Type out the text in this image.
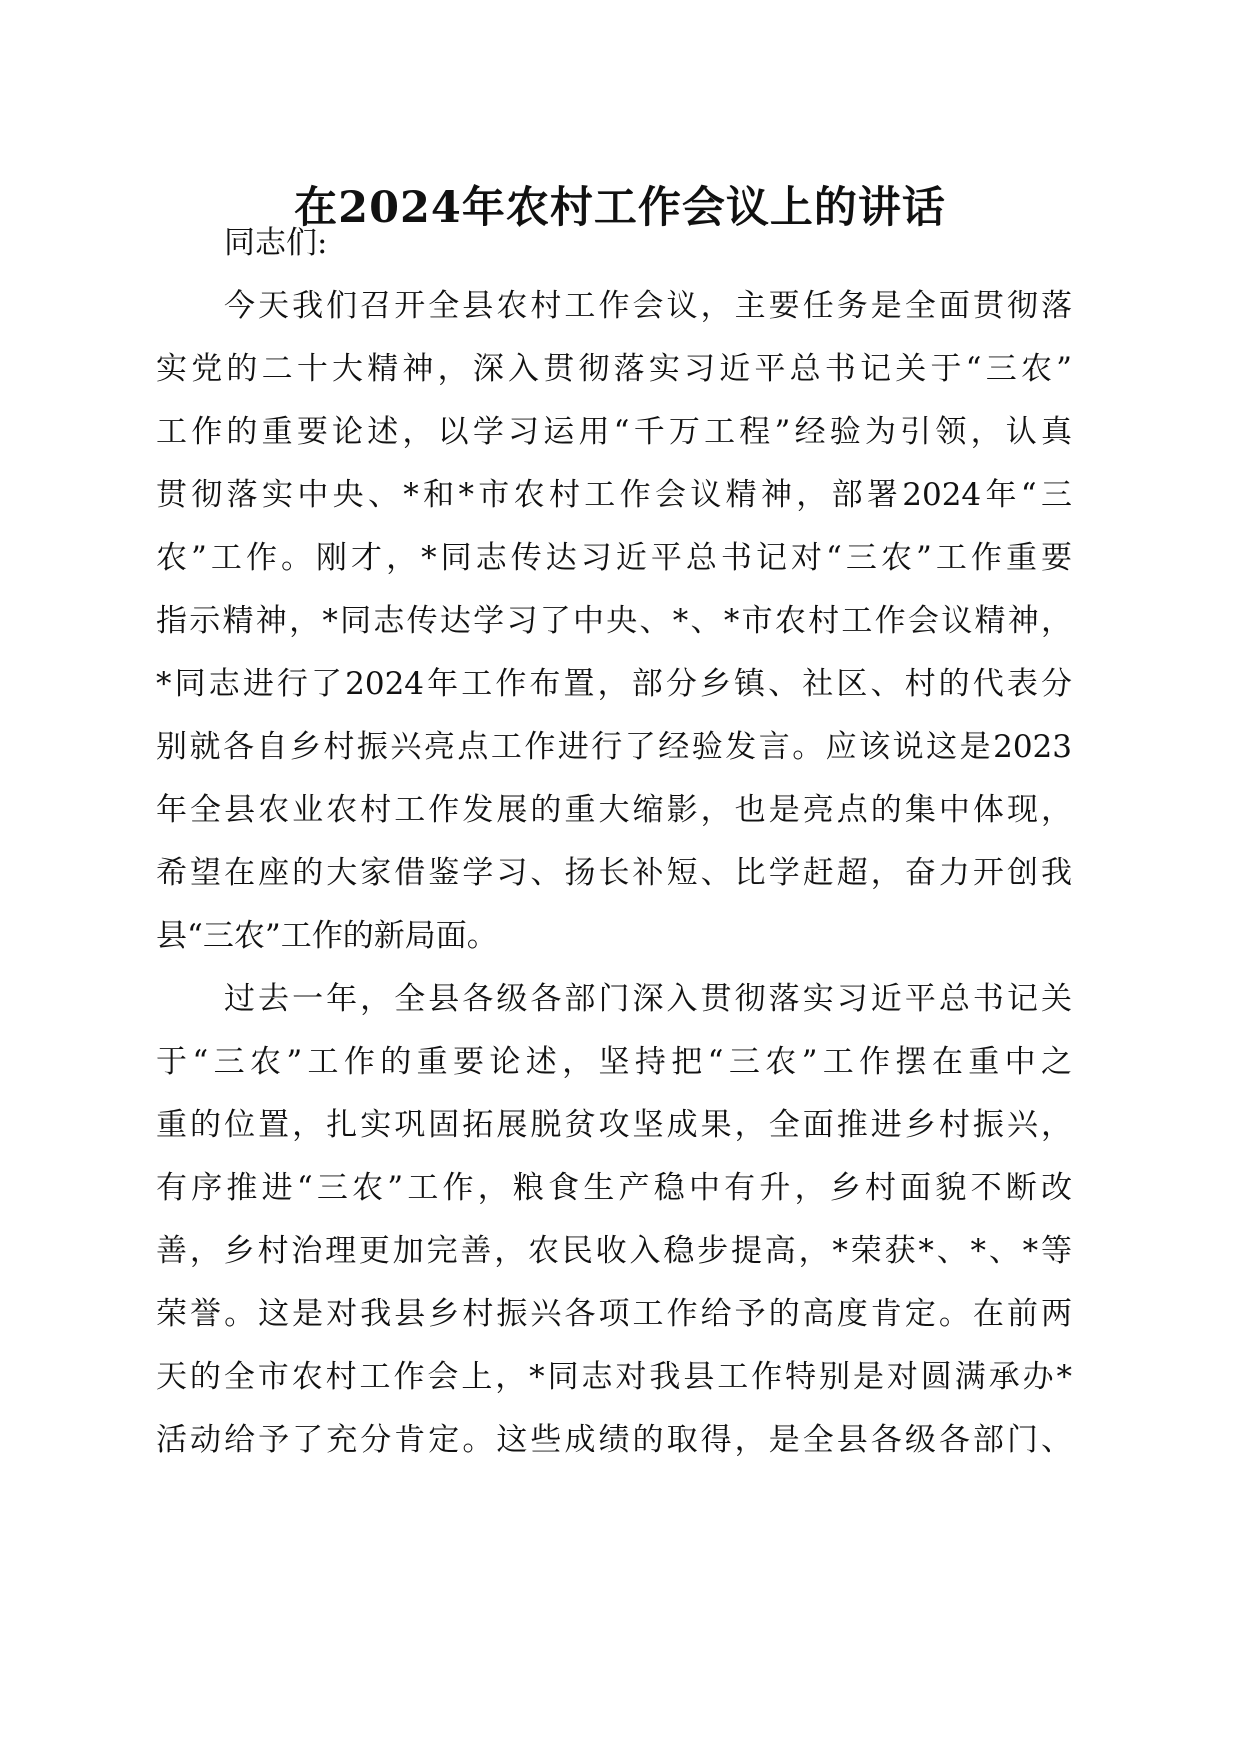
在2024年农村工作会议上的讲话
同志们:
今天我们召开全县农村工作会议，主要任务是全面贯彻落
实党的二十大精神，深入贯彻落实习近平总书记关于“三农”
工作的重要论述，以学习运用“千万工程”经验为引领，认真
贯彻落实中央、*和*市农村工作会议精神，部署2024年“三
农”工作。刚才，*同志传达习近平总书记对“三农”工作重要
指示精神，*同志传达学习了中央、*、*市农村工作会议精神，
*同志进行了2024年工作布置，部分乡镇、社区、村的代表分
别就各自乡村振兴亮点工作进行了经验发言。应该说这是2023
年全县农业农村工作发展的重大缩影，也是亮点的集中体现，
希望在座的大家借鉴学习、扬长补短、比学赶超，奋力开创我
县“三农”工作的新局面。
过去一年，全县各级各部门深入贯彻落实习近平总书记关
于“三农”工作的重要论述，坚持把“三农”工作摆在重中之
重的位置，扎实巩固拓展脱贫攻坚成果，全面推进乡村振兴，
有序推进“三农”工作，粮食生产稳中有升，乡村面貌不断改
善，乡村治理更加完善，农民收入稳步提高，*荣获*、*、*等
荣誉。这是对我县乡村振兴各项工作给予的高度肯定。在前两
天的全市农村工作会上，*同志对我县工作特别是对圆满承办*
活动给予了充分肯定。这些成绩的取得，是全县各级各部门、
